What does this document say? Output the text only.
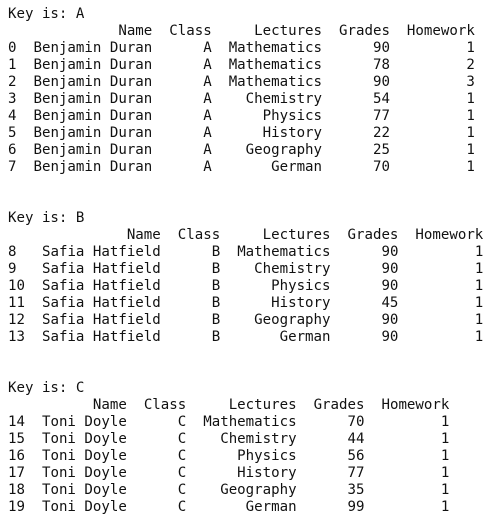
Key is: A
Name Class	Lectures Grades Homework
0 Benjamin Duran	A Mathematics	90	1
1 Benjamin Duran	A Mathematics	78	2
2 Benjamin Duran	A Mathematics	90	3
3 Benjamin Duran	A Chemistry	54	1
4 Benjamin Duran	A	Physics	77	1
5 Benjamin Duran	A	History	22	1
6 Benjamin Duran	A Geography	25	1
7 Benjamin Duran	A	German	70	1

Key is: B
Name Class	Lectures Grades Homework
8 Safia Hatfield	B Mathematics	90	1
9 Safia Hatfield	B Chemistry	90	1
10 Safia Hatfield	B	Physics	90	1
11 Safia Hatfield	B	History	45	1
12 Safia Hatfield	B Geography	90	1
13 Safia Hatfield	B	German	90	1

Key is: C
Name Class	Lectures Grades Homework
14 Toni Doyle	C Mathematics	70	1
15 Toni Doyle	C Chemistry	44	1
16 Toni Doyle	C	Physics	56	1
17 Toni Doyle	C	History	77	1
18 Toni Doyle	C Geography	35	1
19 Toni Doyle	C	German	99	1
